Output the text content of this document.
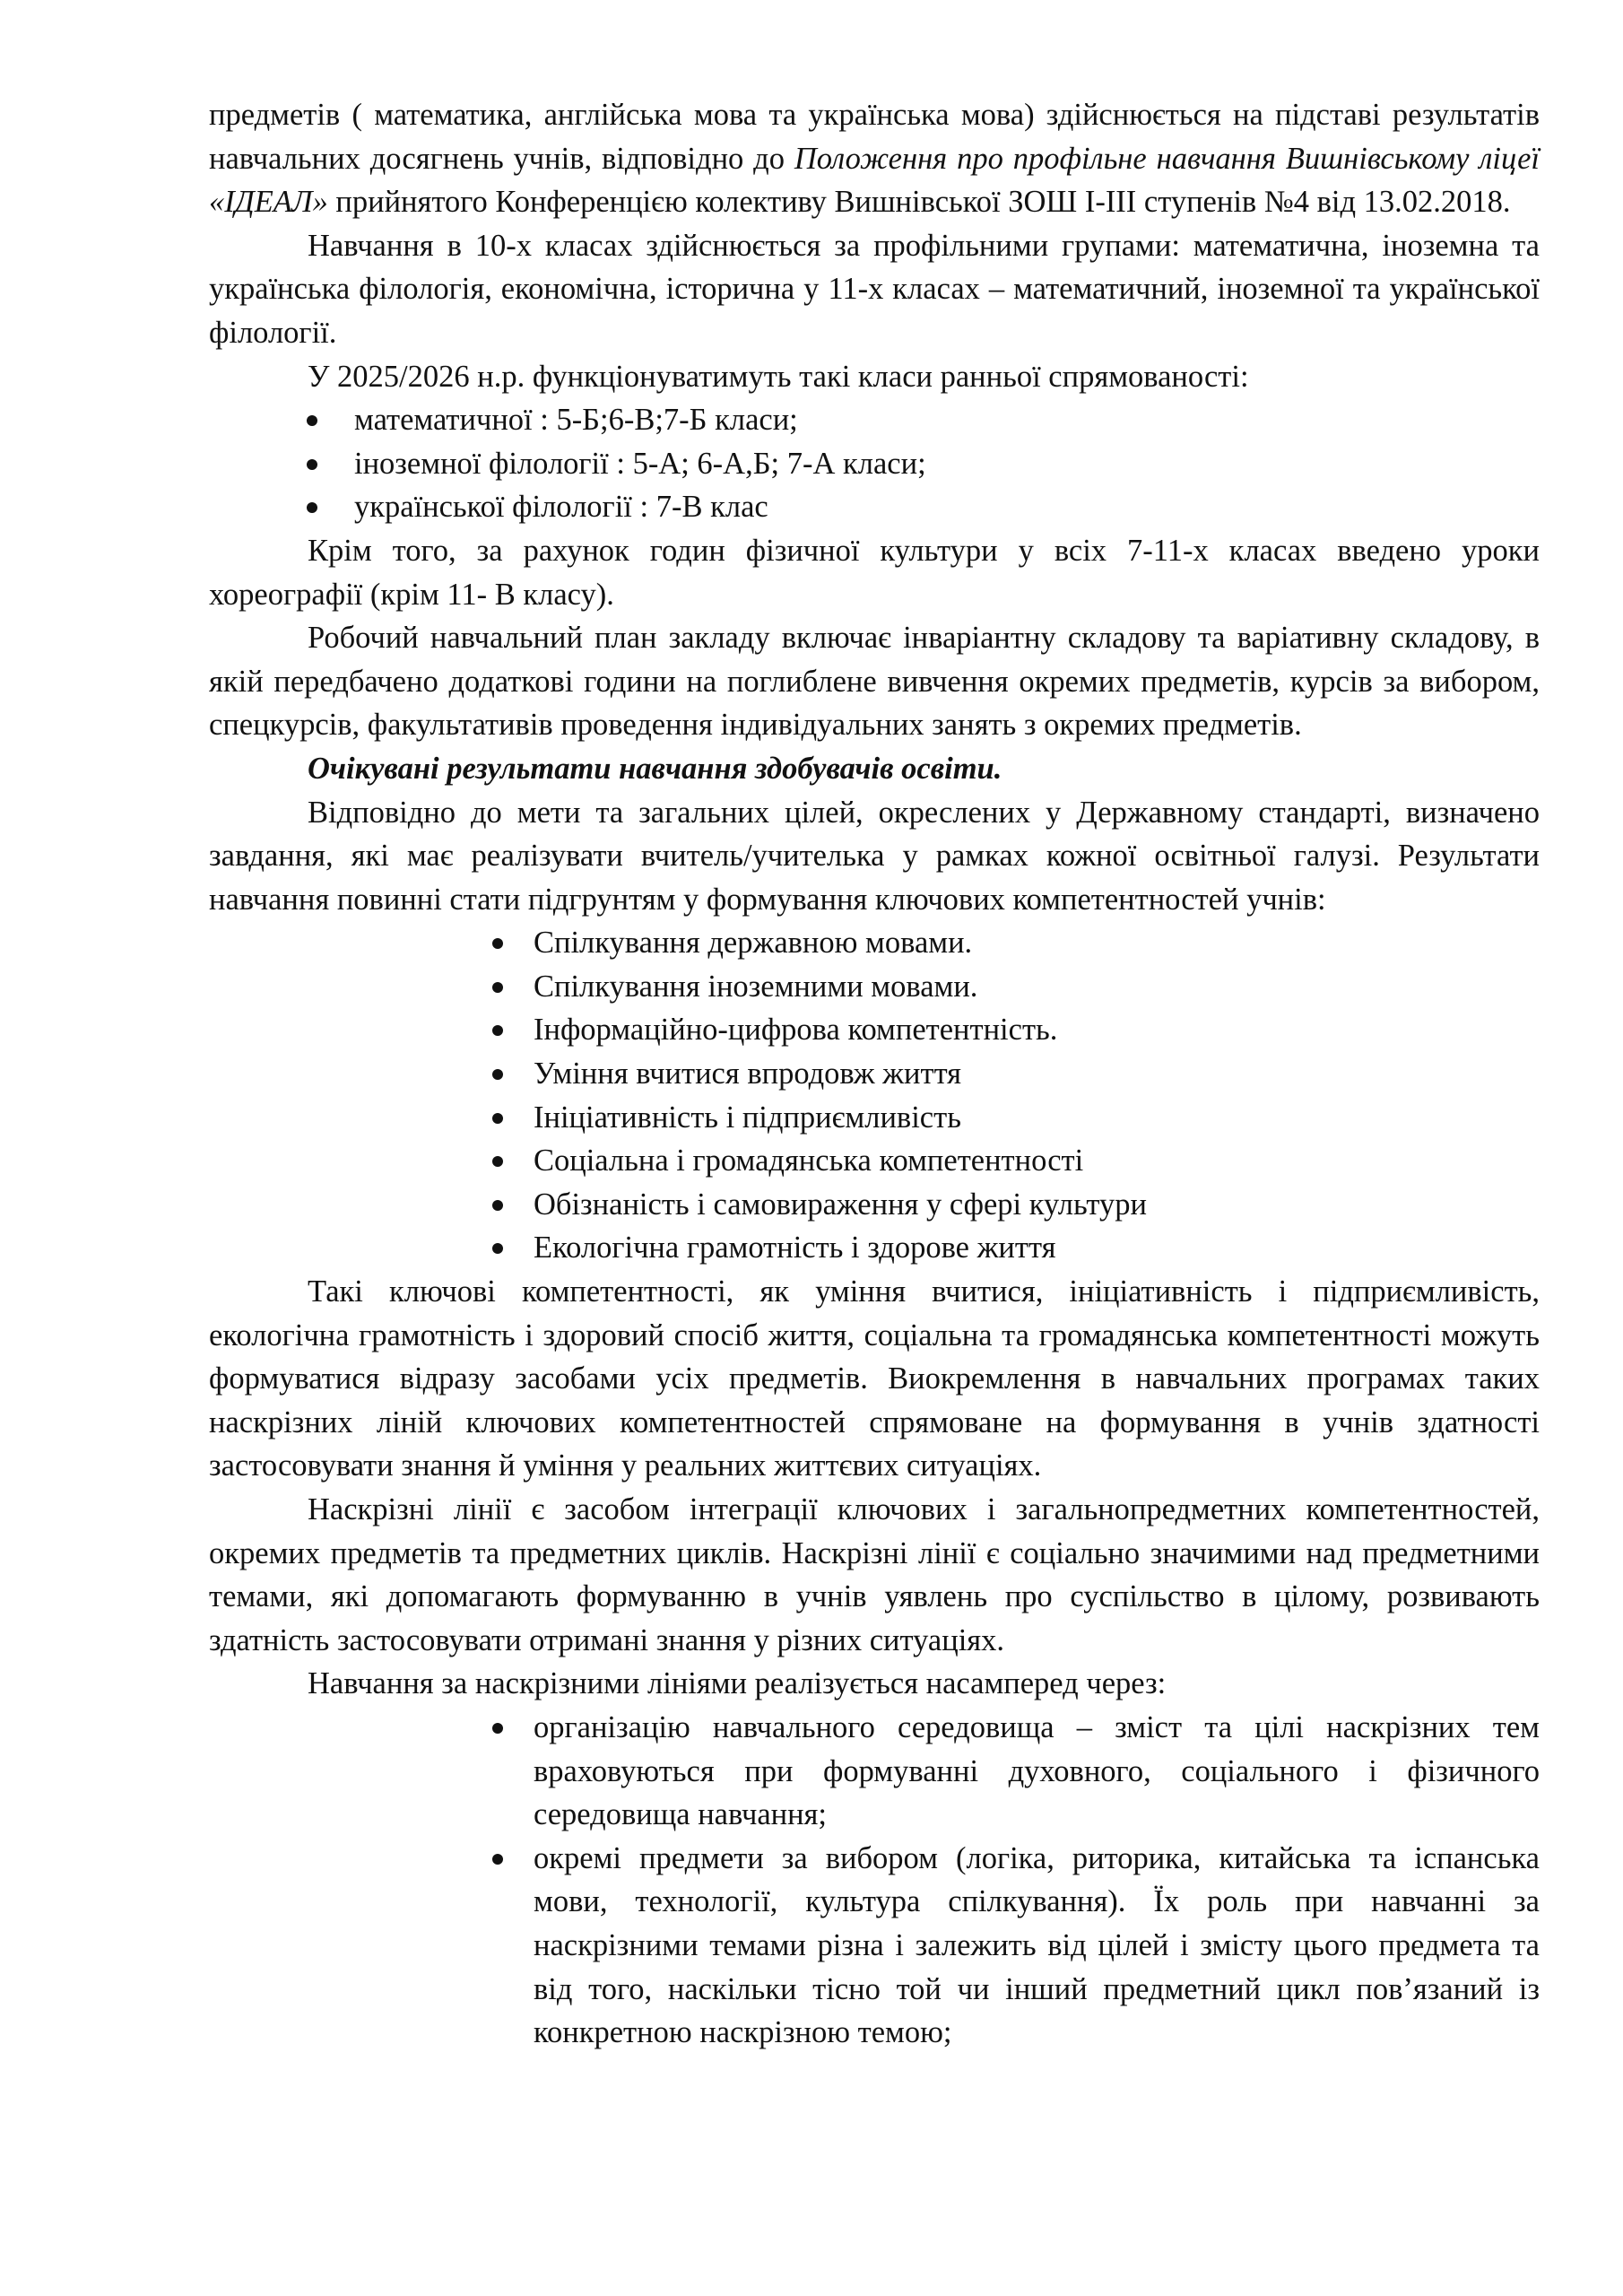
предметів ( математика, англійська мова та українська мова) здійснюється на підставі результатів навчальних досягнень учнів, відповідно до Положення про профільне навчання Вишнівському ліцеї «ІДЕАЛ» прийнятого Конференцією колективу Вишнівської ЗОШ І-ІІІ ступенів №4 від 13.02.2018.

Навчання в 10-х класах здійснюється за профільними групами: математична, іноземна та українська філологія, економічна, історична у 11-х класах – математичний, іноземної та української філології.

У 2025/2026 н.р. функціонуватимуть такі класи ранньої спрямованості:

математичної : 5-Б;6-В;7-Б класи;
іноземної філології : 5-А; 6-А,Б; 7-А класи;
української філології : 7-В клас

Крім того, за рахунок годин фізичної культури у всіх 7-11-х класах введено уроки хореографії (крім 11- В класу).

Робочий навчальний план закладу включає інваріантну складову та варіативну складову, в якій передбачено додаткові години на поглиблене вивчення окремих предметів, курсів за вибором, спецкурсів, факультативів проведення індивідуальних занять з окремих предметів.

Очікувані результати навчання здобувачів освіти.

Відповідно до мети та загальних цілей, окреслених у Державному стандарті, визначено завдання, які має реалізувати вчитель/учителька у рамках кожної освітньої галузі. Результати навчання повинні стати підгрунтям у формування ключових компетентностей учнів:

Спілкування державною мовами.
Спілкування іноземними мовами.
Інформаційно-цифрова компетентність.
Уміння вчитися впродовж життя
Ініціативність і підприємливість
Соціальна і громадянська компетентності
Обізнаність і самовираження у сфері культури
Екологічна грамотність і здорове життя

Такі ключові компетентності, як уміння вчитися, ініціативність і підприємливість, екологічна грамотність і здоровий спосіб життя, соціальна та громадянська компетентності можуть формуватися відразу засобами усіх предметів. Виокремлення в навчальних програмах таких наскрізних ліній ключових компетентностей спрямоване на формування в учнів здатності застосовувати знання й уміння у реальних життєвих ситуаціях.

Наскрізні лінії є засобом інтеграції ключових і загальнопредметних компетентностей, окремих предметів та предметних циклів. Наскрізні лінії є соціально значимими над предметними темами, які допомагають формуванню в учнів уявлень про суспільство в цілому, розвивають здатність застосовувати отримані знання у різних ситуаціях.

Навчання за наскрізними лініями реалізується насамперед через:

організацію навчального середовища – зміст та цілі наскрізних тем враховуються при формуванні духовного, соціального і фізичного середовища навчання;
окремі предмети за вибором (логіка, риторика, китайська та іспанська мови, технології, культура спілкування). Їх роль при навчанні за наскрізними темами різна і залежить від цілей і змісту цього предмета та від того, наскільки тісно той чи інший предметний цикл пов’язаний із конкретною наскрізною темою;
